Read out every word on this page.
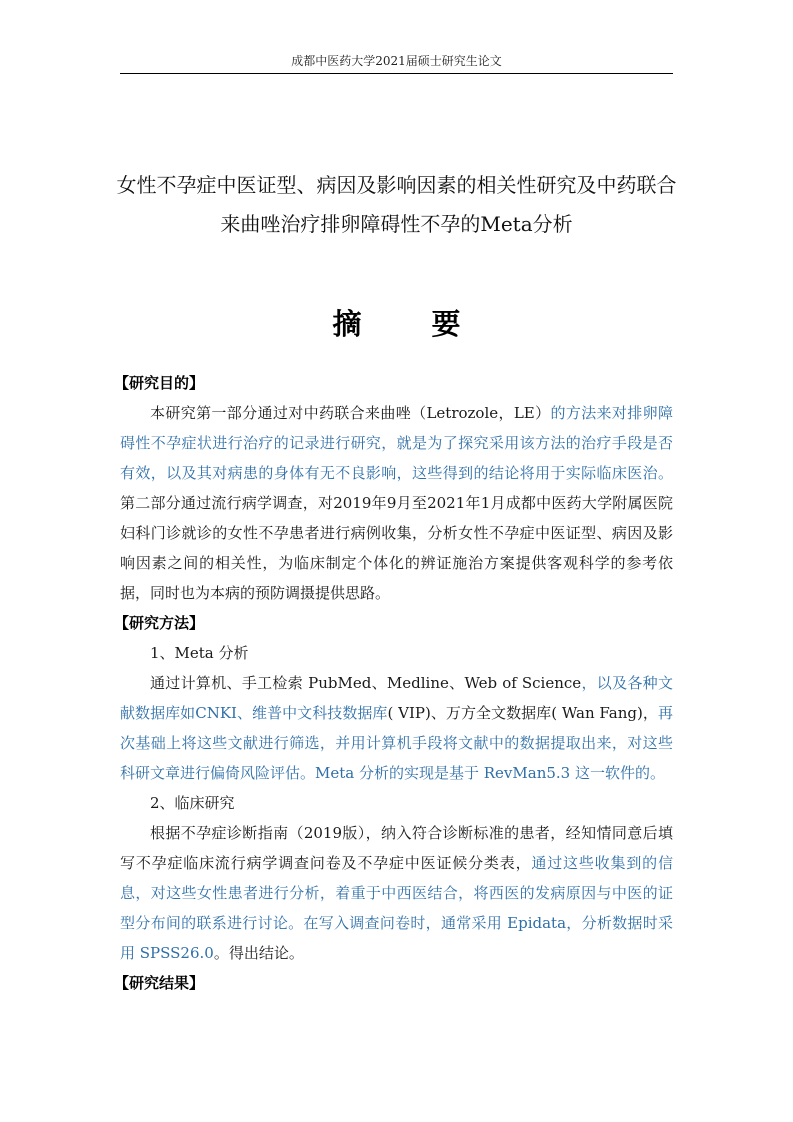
成都中医药大学2021届硕士研究生论文
女性不孕症中医证型、病因及影响因素的相关性研究及中药联合
来曲唑治疗排卵障碍性不孕的Meta分析
摘 要

【研究目的】

本研究第一部分通过对中药联合来曲唑（Letrozole，LE）的方法来对排卵障碍性不孕症状进行治疗的记录进行研究，就是为了探究采用该方法的治疗手段是否有效，以及其对病患的身体有无不良影响，这些得到的结论将用于实际临床医治。第二部分通过流行病学调查，对2019年9月至2021年1月成都中医药大学附属医院妇科门诊就诊的女性不孕患者进行病例收集，分析女性不孕症中医证型、病因及影响因素之间的相关性，为临床制定个体化的辨证施治方案提供客观科学的参考依据，同时也为本病的预防调摄提供思路。

【研究方法】

1、Meta 分析

通过计算机、手工检索 PubMed、Medline、Web of Science，以及各种文献数据库如CNKI、维普中文科技数据库( VIP)、万方全文数据库( Wan Fang)，再次基础上将这些文献进行筛选，并用计算机手段将文献中的数据提取出来，对这些科研文章进行偏倚风险评估。Meta 分析的实现是基于 RevMan5.3 这一软件的。

2、临床研究

根据不孕症诊断指南（2019版），纳入符合诊断标准的患者，经知情同意后填写不孕症临床流行病学调查问卷及不孕症中医证候分类表，通过这些收集到的信息，对这些女性患者进行分析，着重于中西医结合，将西医的发病原因与中医的证型分布间的联系进行讨论。在写入调查问卷时，通常采用 Epidata，分析数据时采用 SPSS26.0。得出结论。

【研究结果】
